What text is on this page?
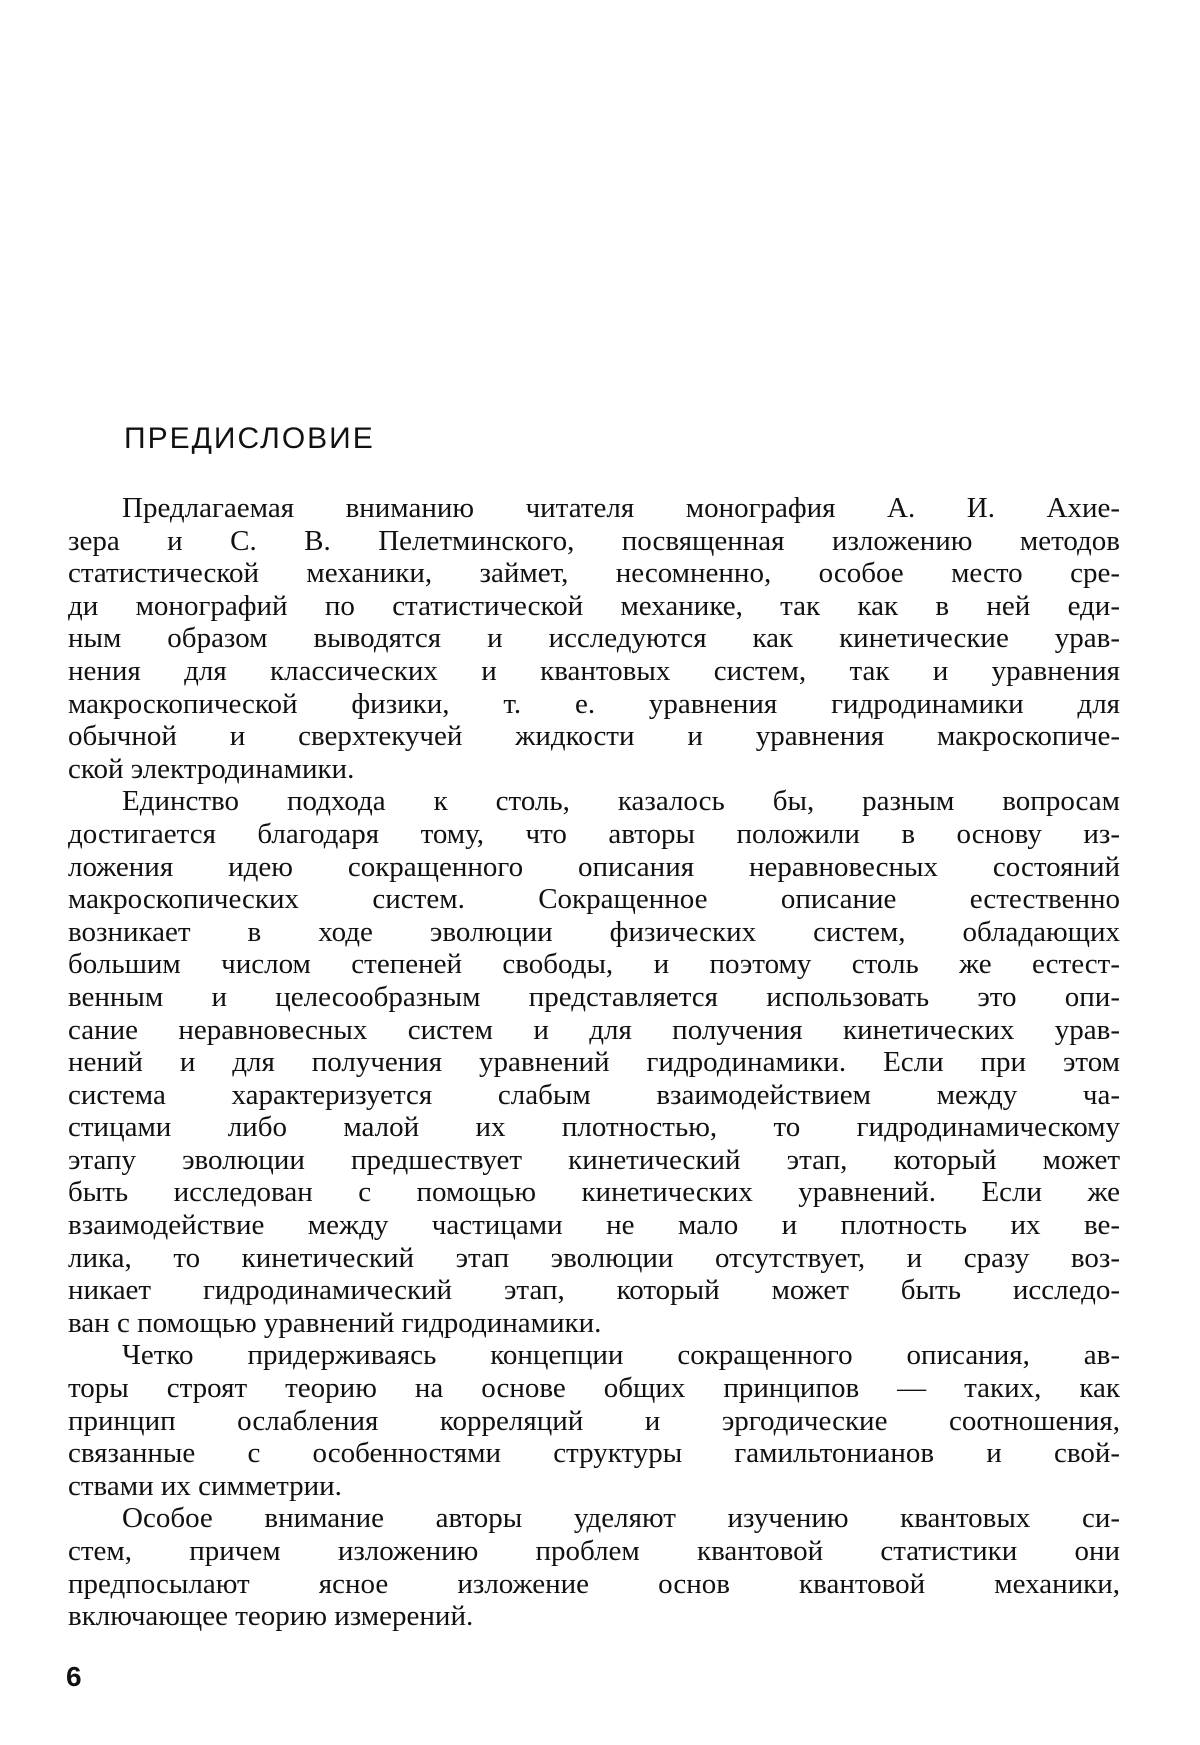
ПРЕДИСЛОВИЕ
Предлагаемая вниманию читателя монография А. И. Ахие-
зера и С. В. Пелетминского, посвященная изложению методов
статистической механики, займет, несомненно, особое место сре-
ди монографий по статистической механике, так как в ней еди-
ным образом выводятся и исследуются как кинетические урав-
нения для классических и квантовых систем, так и уравнения
макроскопической физики, т. е. уравнения гидродинамики для
обычной и сверхтекучей жидкости и уравнения макроскопиче-
ской электродинамики.
Единство подхода к столь, казалось бы, разным вопросам
достигается благодаря тому, что авторы положили в основу из-
ложения идею сокращенного описания неравновесных состояний
макроскопических систем. Сокращенное описание естественно
возникает в ходе эволюции физических систем, обладающих
большим числом степеней свободы, и поэтому столь же естест-
венным и целесообразным представляется использовать это опи-
сание неравновесных систем и для получения кинетических урав-
нений и для получения уравнений гидродинамики. Если при этом
система характеризуется слабым взаимодействием между ча-
стицами либо малой их плотностью, то гидродинамическому
этапу эволюции предшествует кинетический этап, который может
быть исследован с помощью кинетических уравнений. Если же
взаимодействие между частицами не мало и плотность их ве-
лика, то кинетический этап эволюции отсутствует, и сразу воз-
никает гидродинамический этап, который может быть исследо-
ван с помощью уравнений гидродинамики.
Четко придерживаясь концепции сокращенного описания, ав-
торы строят теорию на основе общих принципов — таких, как
принцип ослабления корреляций и эргодические соотношения,
связанные с особенностями структуры гамильтонианов и свой-
ствами их симметрии.
Особое внимание авторы уделяют изучению квантовых си-
стем, причем изложению проблем квантовой статистики они
предпосылают ясное изложение основ квантовой механики,
включающее теорию измерений.
6
